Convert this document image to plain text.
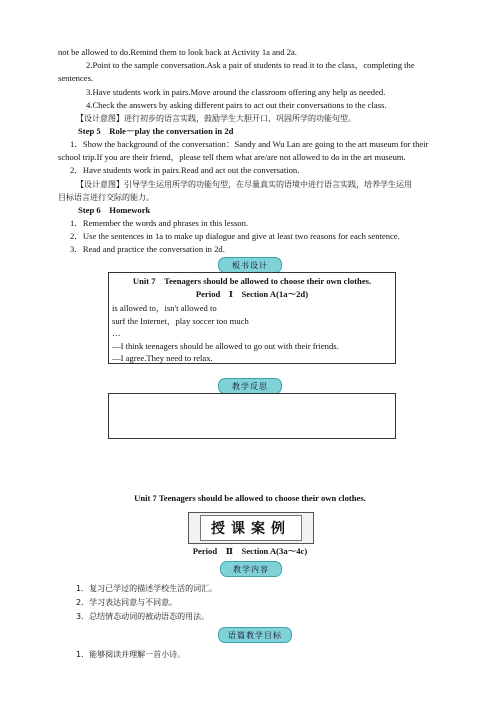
not be allowed to do.Remind them to look back at Activity 1a and 2a.
2.Point to the sample conversation.Ask a pair of students to read it to the class，completing the
sentences.
3.Have students work in pairs.Move around the classroom offering any help as needed.
4.Check the answers by asking different pairs to act out their conversations to the class.
【设计意图】进行初步的语言实践，鼓励学生大胆开口，巩固所学的功能句型。
Step 5　Role－play the conversation in 2d
1．Show the background of the conversation：Sandy and Wu Lan are going to the art museum for their
school trip.If you are their friend，please tell them what are/are not allowed to do in the art museum.
2．Have students work in pairs.Read and act out the conversation.
【设计意图】引导学生运用所学的功能句型，在尽量真实的语境中进行语言实践，培养学生运用
目标语言进行交际的能力。
Step 6　Homework
1．Remember the words and phrases in this lesson.
2．Use the sentences in 1a to make up dialogue and give at least two reasons for each sentence.
3．Read and practice the conversation in 2d.
板书设计
Unit 7　Teenagers should be allowed to choose their own clothes.
Period　Ⅰ　Section A(1a～2d)
is allowed to，isn't allowed to
surf the Internet，play soccer too much
…
—I think teenagers should be allowed to go out with their friends.
—I agree.They need to relax.
教学反思
Unit 7 Teenagers should be allowed to choose their own clothes.
授课案例
Period　Ⅱ　Section A(3a～4c)
教学内容
1．复习已学过的描述学校生活的词汇。
2．学习表达同意与不同意。
3．总结情态动词的被动语态的用法。
语篇教学目标
1．能够阅读并理解一首小诗。
